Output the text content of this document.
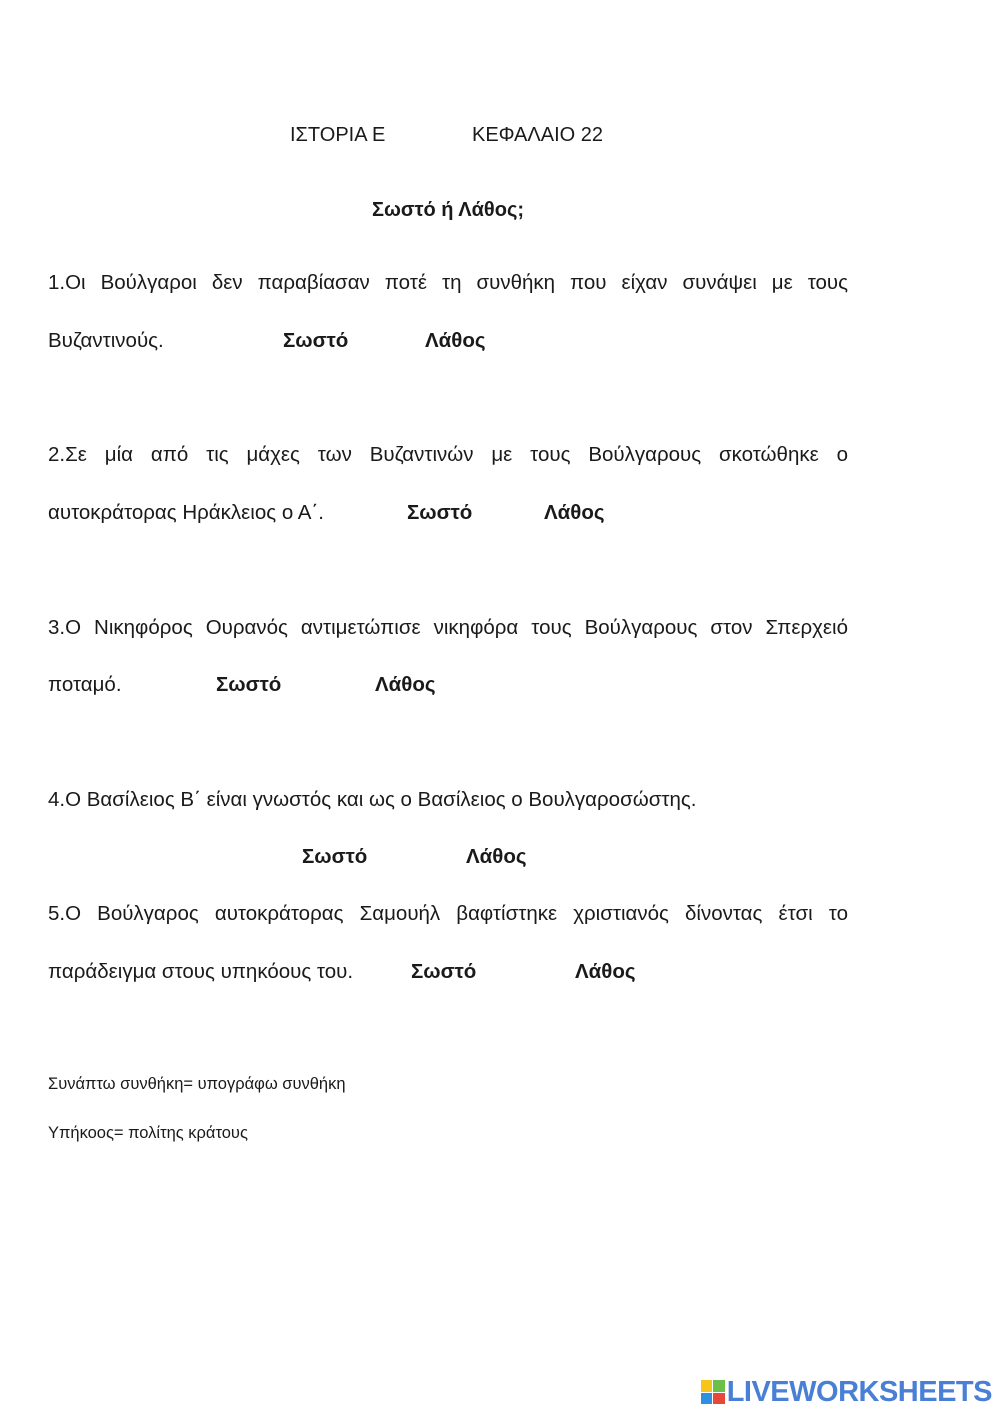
ΙΣΤΟΡΙΑ Ε	ΚΕΦΑΛΑΙΟ 22
Σωστό ή Λάθος;
1.Οι Βούλγαροι δεν παραβίασαν ποτέ τη συνθήκη που είχαν συνάψει με τους
Βυζαντινούς.	Σωστό	Λάθος
2.Σε μία από τις μάχες των Βυζαντινών με τους Βούλγαρους σκοτώθηκε ο
αυτοκράτορας Ηράκλειος ο Α΄.	Σωστό	Λάθος
3.Ο Νικηφόρος Ουρανός αντιμετώπισε νικηφόρα τους Βούλγαρους στον Σπερχειό
ποταμό.	Σωστό	Λάθος
4.Ο Βασίλειος Β΄ είναι γνωστός και ως ο Βασίλειος ο Βουλγαροσώστης.
Σωστό	Λάθος
5.Ο Βούλγαρος αυτοκράτορας Σαμουήλ βαφτίστηκε χριστιανός δίνοντας έτσι το
παράδειγμα στους υπηκόους του.	Σωστό	Λάθος
Συνάπτω συνθήκη= υπογράφω συνθήκη
Υπήκοος= πολίτης κράτους
LIVEWORKSHEETS
